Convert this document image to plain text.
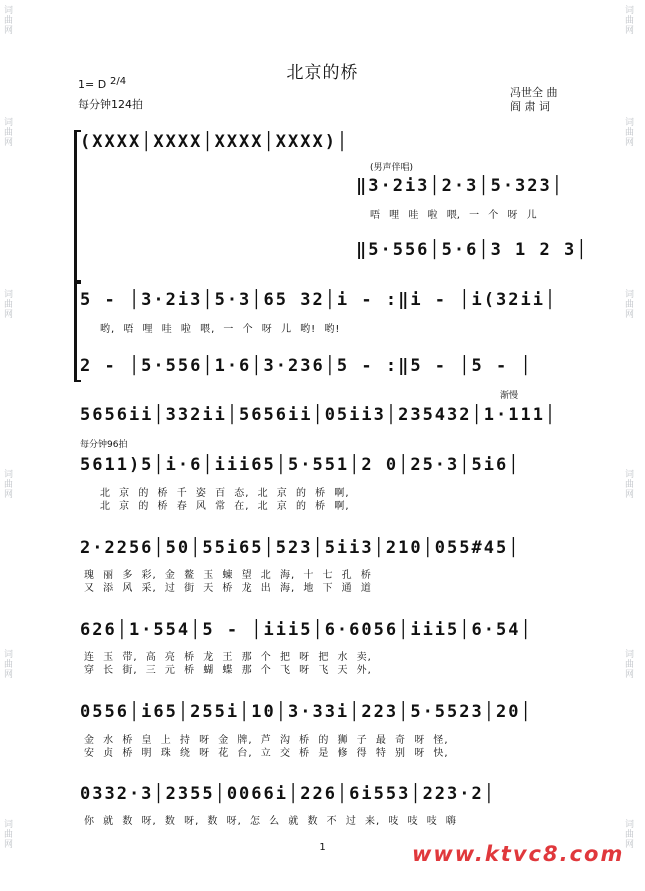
词曲网
词曲网
词曲网
词曲网
词曲网
词曲网
词曲网
词曲网
词曲网
词曲网
词曲网
词曲网
北京的桥
1= D 2/4
每分钟124拍
冯世全 曲
阎 肃 词
(XXXX│XXXX│XXXX│XXXX)│
(男声伴唱)
‖3·2i3│2·3│5·323│
唔 哩 哇 啦 喂, 一 个 呀 儿
‖5·556│5·6│3 1 2 3│
5 - │3·2i3│5·3│65 32│i - :‖i - │i(32ii│
哟, 唔 哩 哇 啦 喂, 一 个 呀 儿 哟! 哟!
2 - │5·556│1·6│3·236│5 - :‖5 - │5 - │
渐慢
5656ii│332ii│5656ii│05ii3│235432│1·111│
每分钟96拍
5611)5│i·6│iii65│5·551│2 0│25·3│5i6│
北 京 的 桥 千 姿 百 态, 北 京 的 桥 啊,
北 京 的 桥 春 风 常 在, 北 京 的 桥 啊,
2·2256│50│55i65│523│5ii3│210│055#45│
瑰 丽 多 彩, 金 鳌 玉 蝀 望 北 海, 十 七 孔 桥
又 添 风 采, 过 街 天 桥 龙 出 海, 地 下 通 道
626│1·554│5 - │iii5│6·6056│iii5│6·54│
连 玉 带, 高 亮 桥 龙 王 那 个 把 呀 把 水 卖,
穿 长 街, 三 元 桥 蝴 蝶 那 个 飞 呀 飞 天 外,
0556│i65│255i│10│3·33i│223│5·5523│20│
金 水 桥 皇 上 持 呀 金 牌, 芦 沟 桥 的 狮 子 最 奇 呀 怪,
安 贞 桥 明 珠 绕 呀 花 台, 立 交 桥 是 修 得 特 别 呀 快,
0332·3│2355│0066i│226│6i553│223·2│
你 就 数 呀, 数 呀, 数 呀, 怎 么 就 数 不 过 来, 吱 吱 吱 嗨
1	www.ktvc8.com
